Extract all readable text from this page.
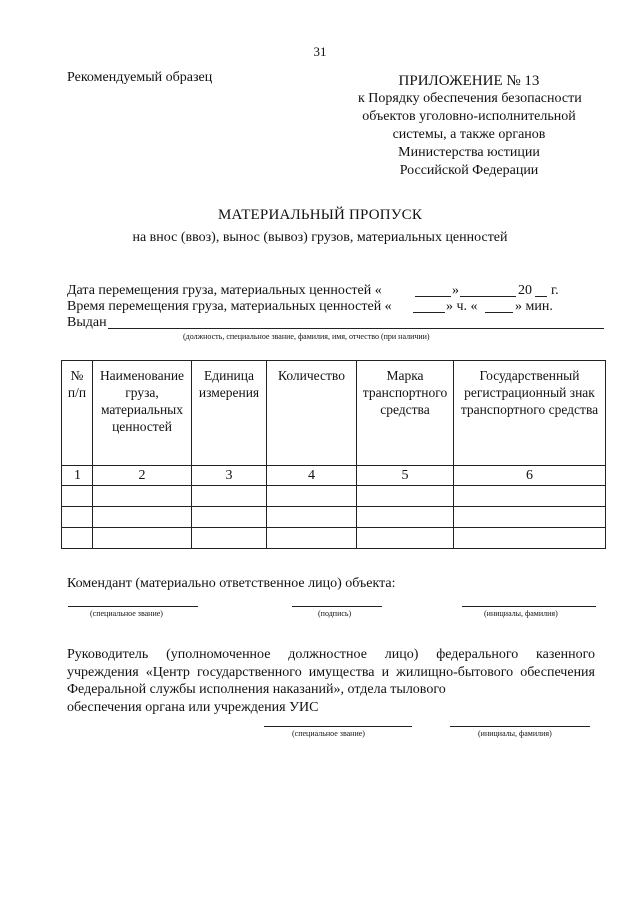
31
Рекомендуемый образец	ПРИЛОЖЕНИЕ № 13
к Порядку обеспечения безопасности
объектов уголовно-исполнительной
системы, а также органов
Министерства юстиции
Российской Федерации
МАТЕРИАЛЬНЫЙ ПРОПУСК
на внос (ввоз), вынос (вывоз) грузов, материальных ценностей
Дата перемещения груза, материальных ценностей «	»	20 г.
Время перемещения груза, материальных ценностей «	» ч. «	» мин.
Выдан
(должность, специальное звание, фамилия, имя, отчество (при наличии)
№ п/п	Наименование груза, материальных ценностей	Единица измерения	Количество	Марка транспортного средства	Государственный регистрационный знак транспортного средства
1	2	3	4	5	6

Комендант (материально ответственное лицо) объекта:
(специальное звание)	(подпись)	(инициалы, фамилия)
Руководитель (уполномоченное должностное лицо) федерального казенного учреждения «Центр государственного имущества и жилищно-бытового обеспечения Федеральной службы исполнения наказаний», отдела тылового
обеспечения органа или учреждения УИС
(специальное звание)	(инициалы, фамилия)
